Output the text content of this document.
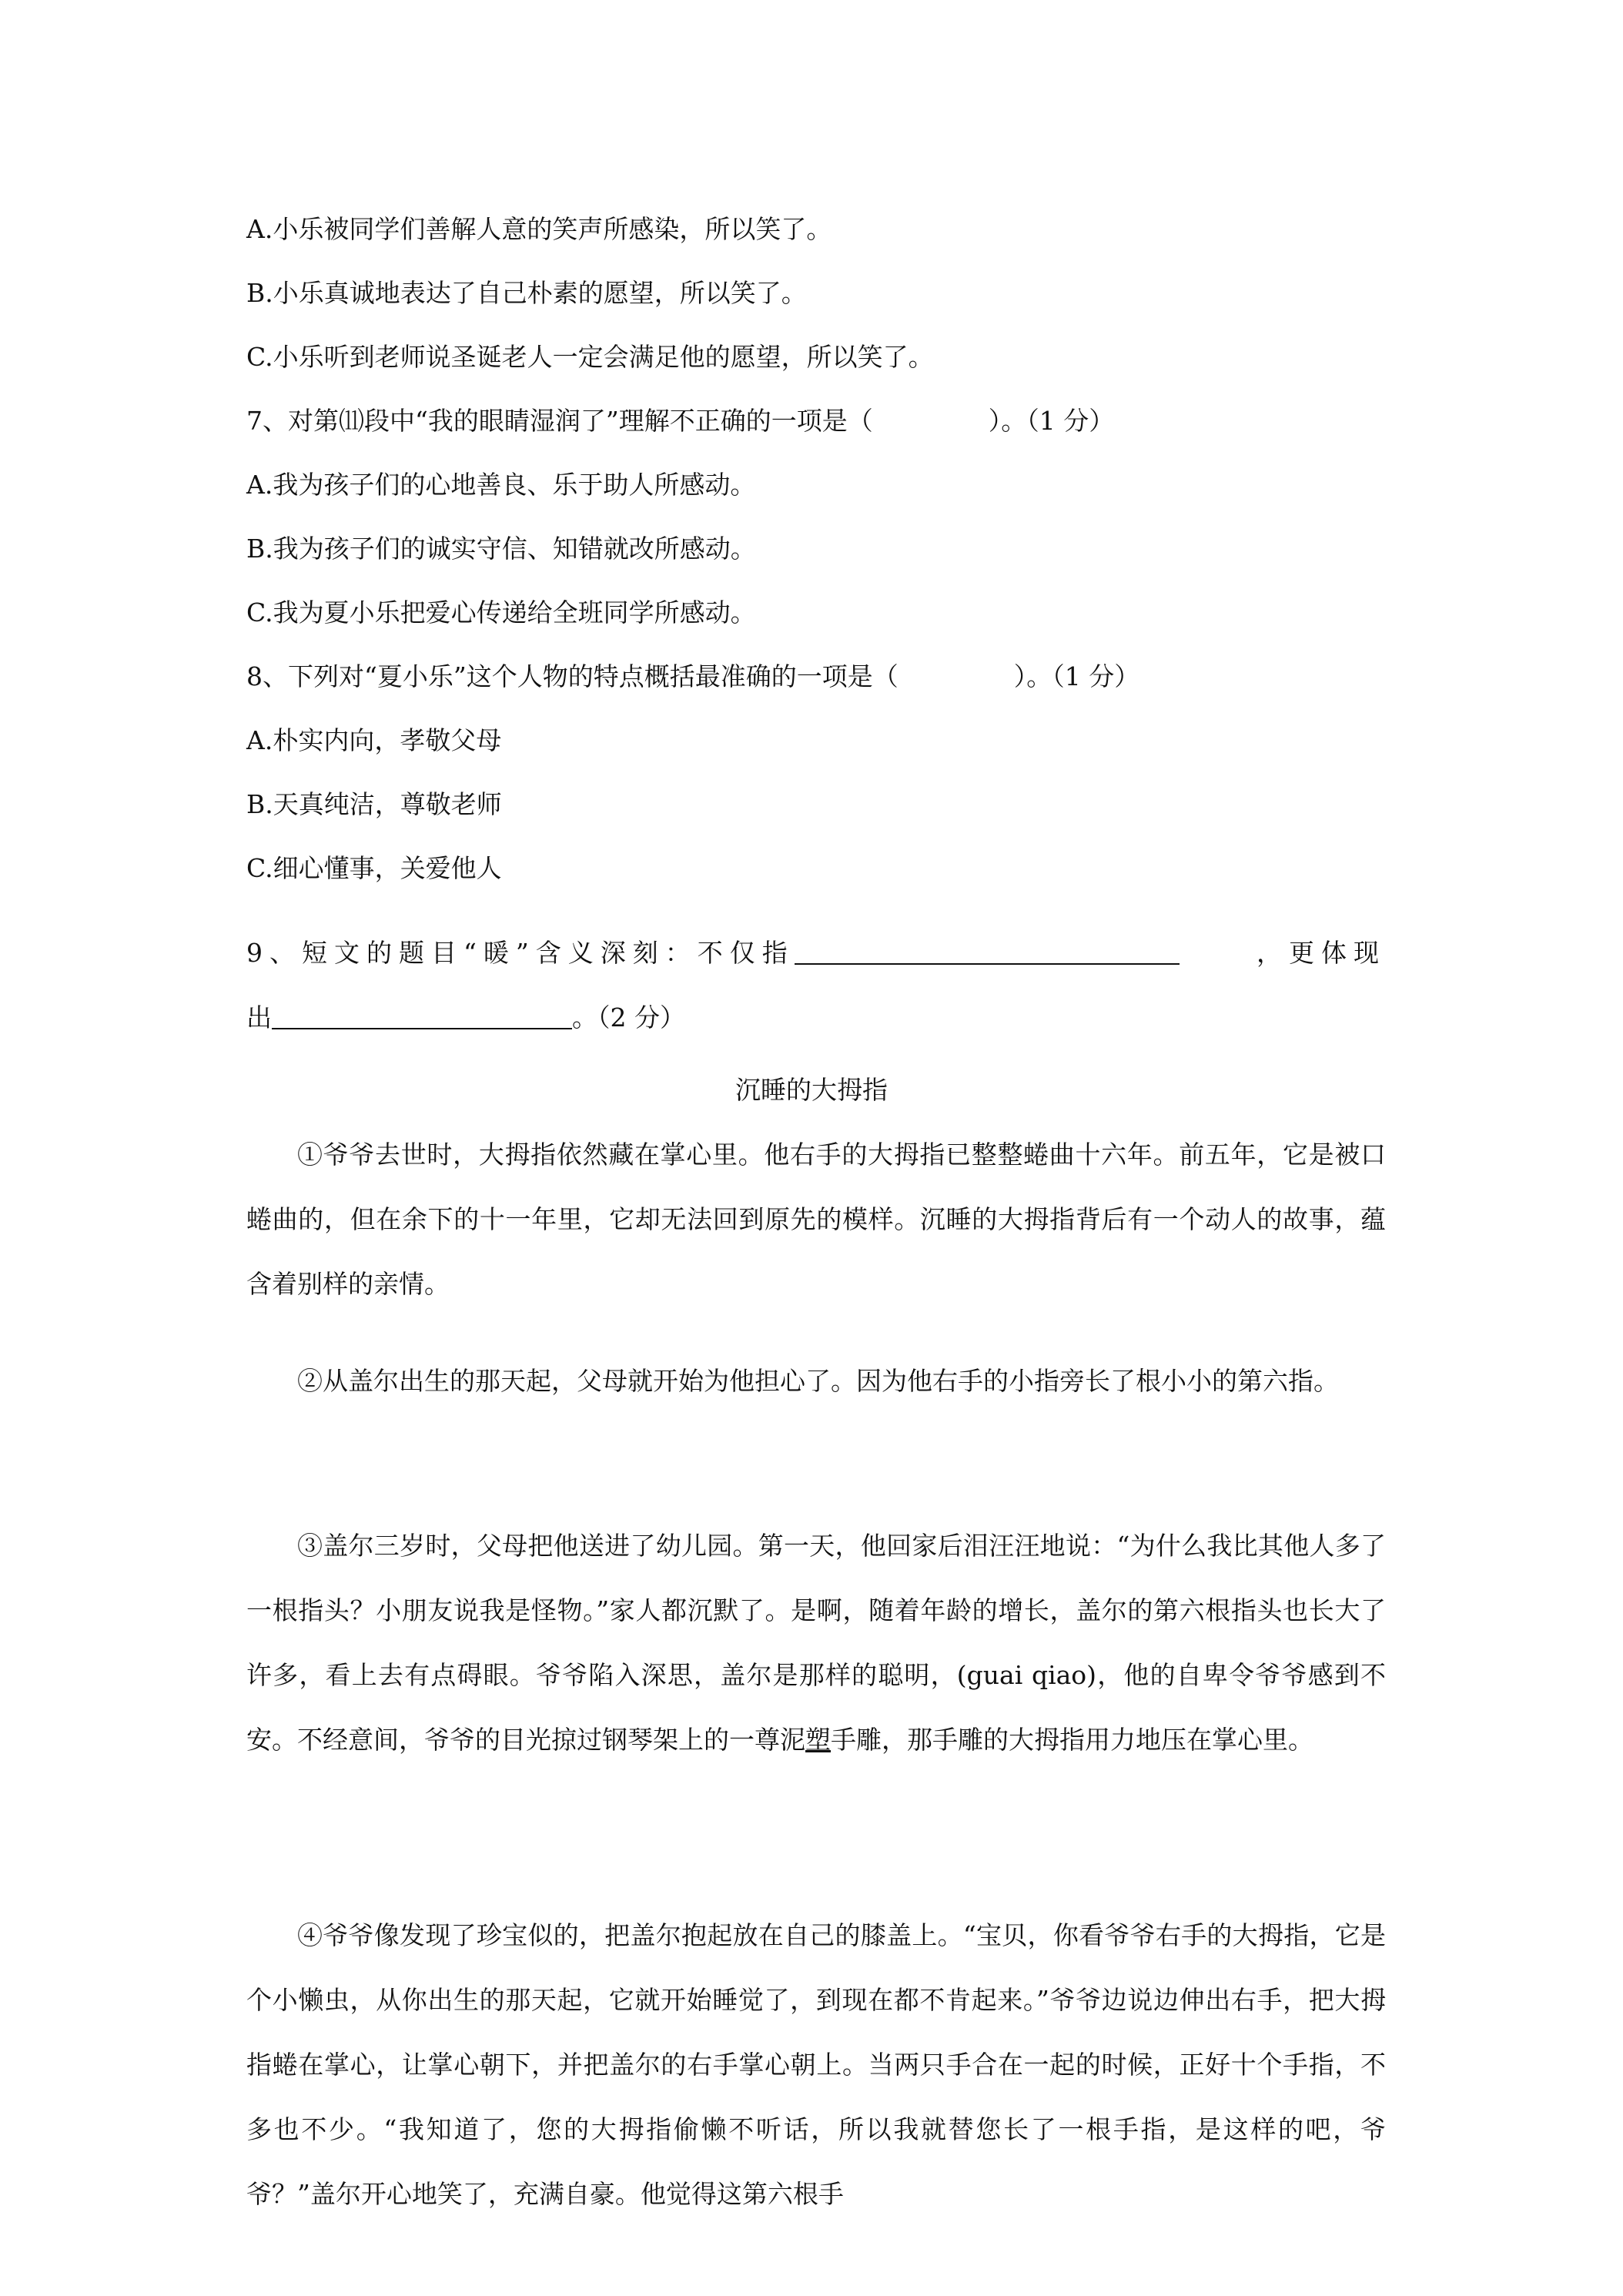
A.小乐被同学们善解人意的笑声所感染，所以笑了。
B.小乐真诚地表达了自己朴素的愿望，所以笑了。
C.小乐听到老师说圣诞老人一定会满足他的愿望，所以笑了。
7、对第⑾段中“我的眼睛湿润了”理解不正确的一项是（	）。（1 分）
A.我为孩子们的心地善良、乐于助人所感动。
B.我为孩子们的诚实守信、知错就改所感动。
C.我为夏小乐把爱心传递给全班同学所感动。
8、下列对“夏小乐”这个人物的特点概括最准确的一项是（	）。（1 分）
A.朴实内向，孝敬父母
B.天真纯洁，尊敬老师
C.细心懂事，关爱他人
9、短文的题目“暖”含义深刻：不仅指	，更体现
出	。（2 分）
沉睡的大拇指
①爷爷去世时，大拇指依然藏在掌心里。他右手的大拇指已整整蜷曲十六年。前五年，它是被口蜷曲的，但在余下的十一年里，它却无法回到原先的模样。沉睡的大拇指背后有一个动人的故事，蕴含着别样的亲情。
②从盖尔出生的那天起，父母就开始为他担心了。因为他右手的小指旁长了根小小的第六指。
③盖尔三岁时，父母把他送进了幼儿园。第一天，他回家后泪汪汪地说：“为什么我比其他人多了一根指头？小朋友说我是怪物。”家人都沉默了。是啊，随着年龄的增长，盖尔的第六根指头也长大了许多，看上去有点碍眼。爷爷陷入深思，盖尔是那样的聪明，(guai qiao)，他的自卑令爷爷感到不安。不经意间，爷爷的目光掠过钢琴架上的一尊泥塑手雕，那手雕的大拇指用力地压在掌心里。
④爷爷像发现了珍宝似的，把盖尔抱起放在自己的膝盖上。“宝贝，你看爷爷右手的大拇指，它是个小懒虫，从你出生的那天起，它就开始睡觉了，到现在都不肯起来。”爷爷边说边伸出右手，把大拇指蜷在掌心，让掌心朝下，并把盖尔的右手掌心朝上。当两只手合在一起的时候，正好十个手指，不多也不少。“我知道了，您的大拇指偷懒不听话，所以我就替您长了一根手指，是这样的吧，爷爷？”盖尔开心地笑了，充满自豪。他觉得这第六根手
